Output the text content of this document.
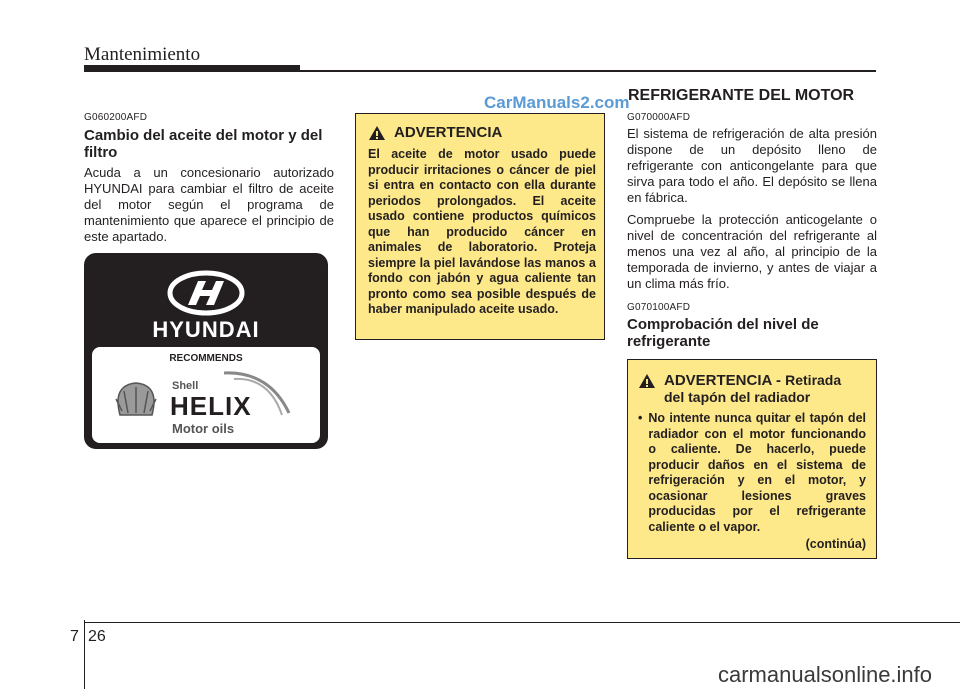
Mantenimiento
CarManuals2.com
G060200AFD
Cambio del aceite del motor y del filtro
Acuda a un concesionario autorizado HYUNDAI para cambiar el filtro de aceite del motor según el programa de mantenimiento que aparece el principio de este apartado.
HYUNDAI
RECOMMENDS
Shell
HELIX
Motor oils
ADVERTENCIA
El aceite de motor usado puede producir irritaciones o cáncer de piel si entra en contacto con ella durante periodos prolongados. El aceite usado contiene productos químicos que han producido cáncer en animales de laboratorio. Proteja siempre la piel lavándose las manos a fondo con jabón y agua caliente tan pronto como sea posible después de haber manipulado aceite usado.
REFRIGERANTE DEL MOTOR
G070000AFD

El sistema de refrigeración de alta presión dispone de un depósito lleno de refrigerante con anticongelante para que sirva para todo el año. El depósito se llena en fábrica.

Compruebe la protección anticogelante o nivel de concentración del refrigerante al menos una vez al año, al principio de la temporada de invierno, y antes de viajar a un clima más frío.

G070100AFD
Comprobación del nivel de refrigerante
ADVERTENCIA - Retirada
del tapón del radiador
• No intente nunca quitar el tapón del radiador con el motor funcionando o caliente. De hacerlo, puede producir daños en el sistema de refrigeración y en el motor, y ocasionar lesiones graves producidas por el refrigerante caliente o el vapor.
(continúa)
7 26
carmanualsonline.info
